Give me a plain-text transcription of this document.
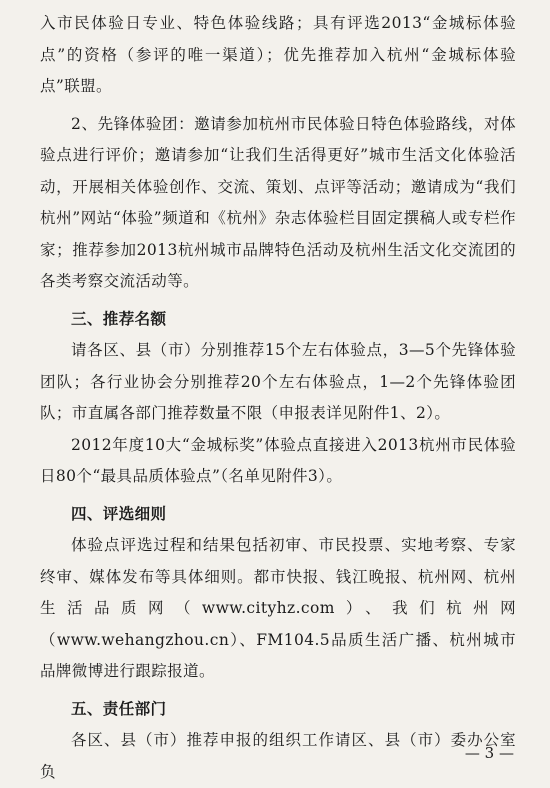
入市民体验日专业、特色体验线路；具有评选2013“金城标体验点”的资格（参评的唯一渠道）；优先推荐加入杭州“金城标体验点”联盟。

2、先锋体验团：邀请参加杭州市民体验日特色体验路线，对体验点进行评价；邀请参加“让我们生活得更好”城市生活文化体验活动，开展相关体验创作、交流、策划、点评等活动；邀请成为“我们杭州”网站“体验”频道和《杭州》杂志体验栏目固定撰稿人或专栏作家；推荐参加2013杭州城市品牌特色活动及杭州生活文化交流团的各类考察交流活动等。

三、推荐名额

请各区、县（市）分别推荐15个左右体验点，3—5个先锋体验团队；各行业协会分别推荐20个左右体验点，1—2个先锋体验团队；市直属各部门推荐数量不限（申报表详见附件1、2）。

2012年度10大“金城标奖”体验点直接进入2013杭州市民体验日80个“最具品质体验点”（名单见附件3）。

四、评选细则

体验点评选过程和结果包括初审、市民投票、实地考察、专家终审、媒体发布等具体细则。都市快报、钱江晚报、杭州网、杭州生活品质网（www.cityhz.com）、我们杭州网（www.wehangzhou.cn）、FM104.5品质生活广播、杭州城市品牌微博进行跟踪报道。

五、责任部门

各区、县（市）推荐申报的组织工作请区、县（市）委办公室负

— 3 —
